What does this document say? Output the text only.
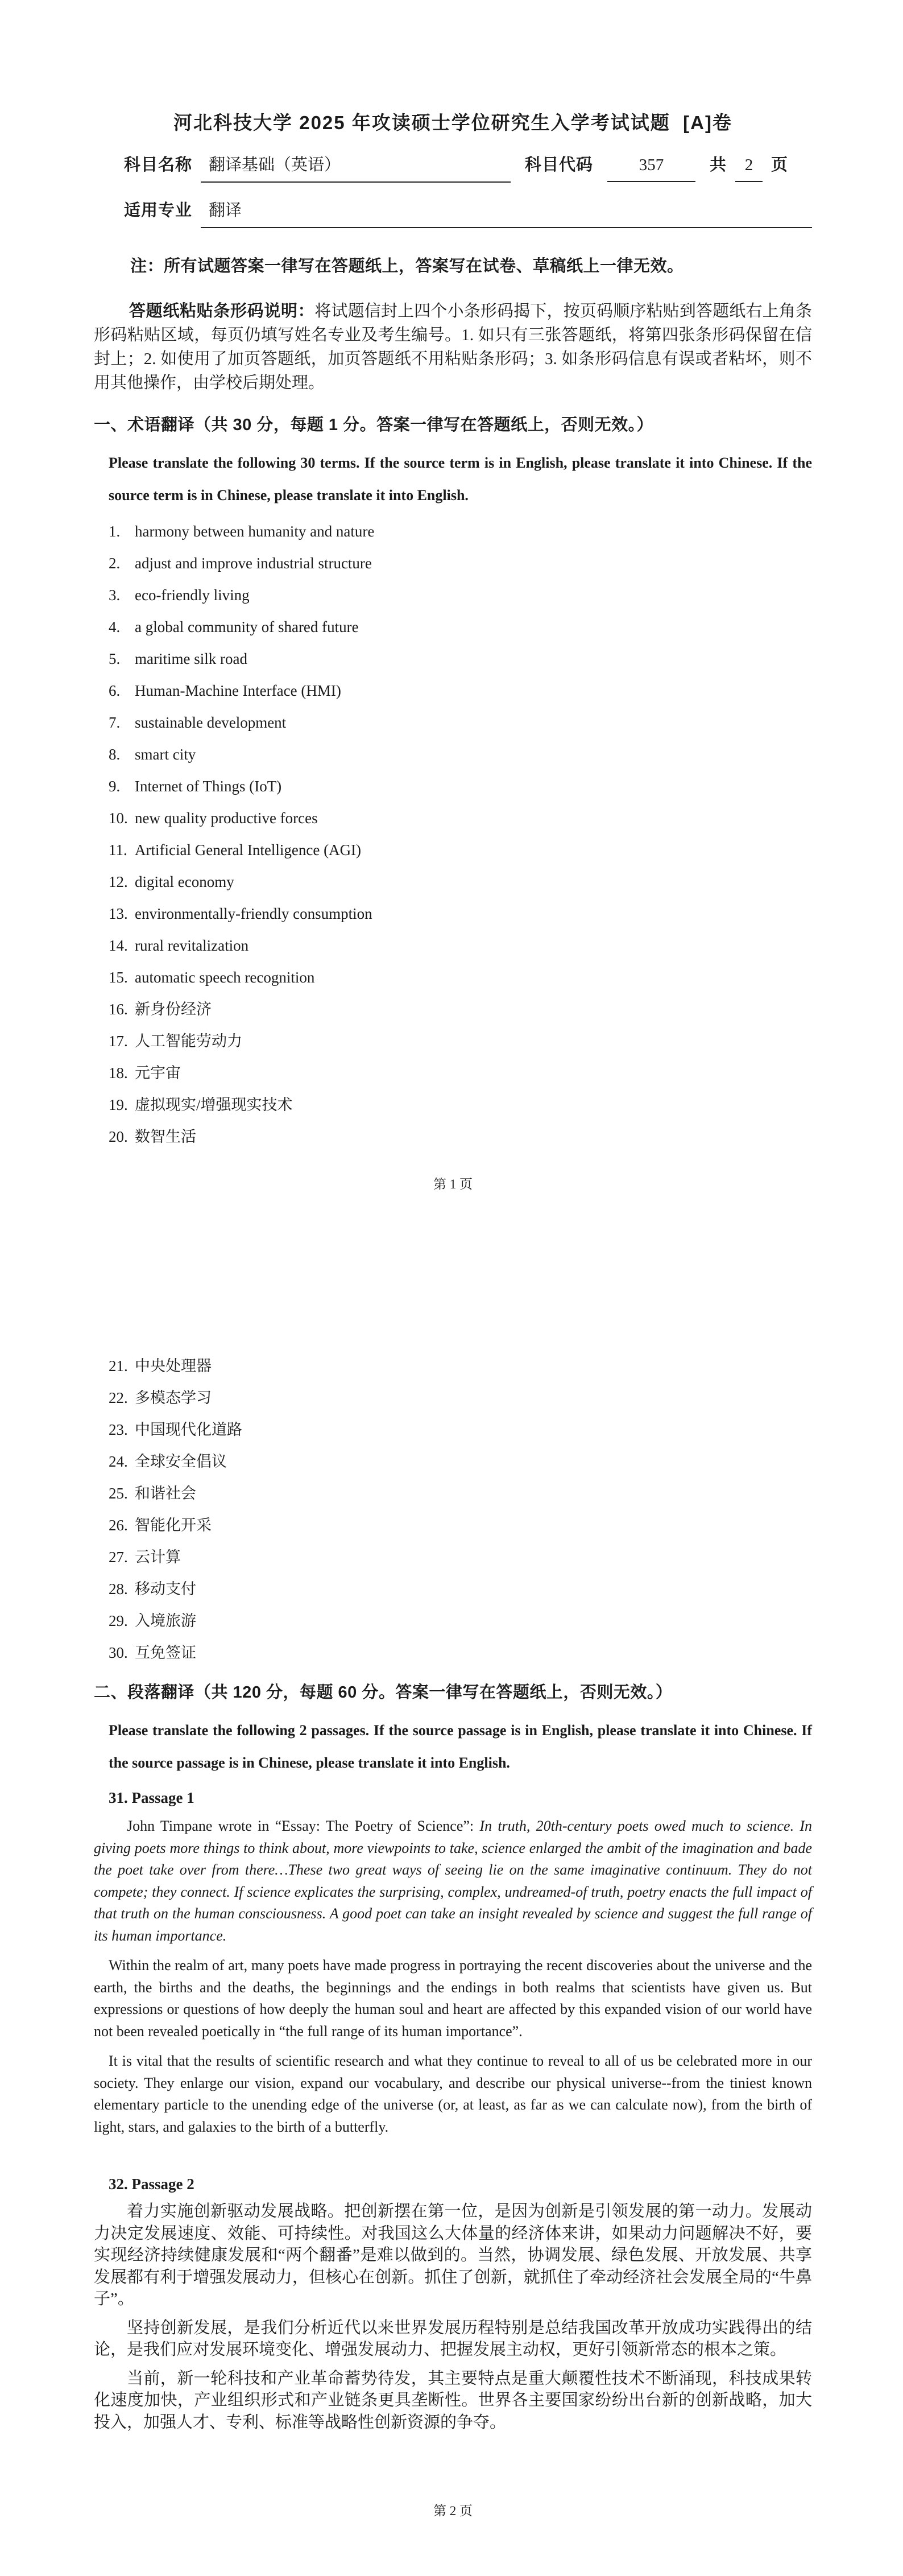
河北科技大学 2025 年攻读硕士学位研究生入学考试试题  [A]卷
科目名称	翻译基础（英语）	科目代码	357	共	2	页
适用专业	翻译

注：所有试题答案一律写在答题纸上，答案写在试卷、草稿纸上一律无效。

答题纸粘贴条形码说明：将试题信封上四个小条形码揭下，按页码顺序粘贴到答题纸右上角条形码粘贴区域，每页仍填写姓名专业及考生编号。1. 如只有三张答题纸，将第四张条形码保留在信封上；2. 如使用了加页答题纸，加页答题纸不用粘贴条形码；3. 如条形码信息有误或者粘坏，则不用其他操作，由学校后期处理。

一、术语翻译（共 30 分，每题 1 分。答案一律写在答题纸上，否则无效。）

Please translate the following 30 terms. If the source term is in English, please translate it into Chinese. If the source term is in Chinese, please translate it into English.

1. harmony between humanity and nature
2. adjust and improve industrial structure
3. eco-friendly living
4. a global community of shared future
5. maritime silk road
6. Human-Machine Interface (HMI)
7. sustainable development
8. smart city
9. Internet of Things (IoT)
10. new quality productive forces
11. Artificial General Intelligence (AGI)
12. digital economy
13. environmentally-friendly consumption
14. rural revitalization
15. automatic speech recognition
16. 新身份经济
17. 人工智能劳动力
18. 元宇宙
19. 虚拟现实/增强现实技术
20. 数智生活
第 1 页
21. 中央处理器
22. 多模态学习
23. 中国现代化道路
24. 全球安全倡议
25. 和谐社会
26. 智能化开采
27. 云计算
28. 移动支付
29. 入境旅游
30. 互免签证
二、段落翻译（共 120 分，每题 60 分。答案一律写在答题纸上，否则无效。）

Please translate the following 2 passages. If the source passage is in English, please translate it into Chinese. If the source passage is in Chinese, please translate it into English.

31. Passage 1

John Timpane wrote in “Essay: The Poetry of Science”: In truth, 20th-century poets owed much to science. In giving poets more things to think about, more viewpoints to take, science enlarged the ambit of the imagination and bade the poet take over from there…These two great ways of seeing lie on the same imaginative continuum. They do not compete; they connect. If science explicates the surprising, complex, undreamed-of truth, poetry enacts the full impact of that truth on the human consciousness. A good poet can take an insight revealed by science and suggest the full range of its human importance.

Within the realm of art, many poets have made progress in portraying the recent discoveries about the universe and the earth, the births and the deaths, the beginnings and the endings in both realms that scientists have given us. But expressions or questions of how deeply the human soul and heart are affected by this expanded vision of our world have not been revealed poetically in “the full range of its human importance”.

It is vital that the results of scientific research and what they continue to reveal to all of us be celebrated more in our society. They enlarge our vision, expand our vocabulary, and describe our physical universe--from the tiniest known elementary particle to the unending edge of the universe (or, at least, as far as we can calculate now), from the birth of light, stars, and galaxies to the birth of a butterfly.

32. Passage 2

着力实施创新驱动发展战略。把创新摆在第一位，是因为创新是引领发展的第一动力。发展动力决定发展速度、效能、可持续性。对我国这么大体量的经济体来讲，如果动力问题解决不好，要实现经济持续健康发展和“两个翻番”是难以做到的。当然，协调发展、绿色发展、开放发展、共享发展都有利于增强发展动力，但核心在创新。抓住了创新，就抓住了牵动经济社会发展全局的“牛鼻子”。

坚持创新发展，是我们分析近代以来世界发展历程特别是总结我国改革开放成功实践得出的结论，是我们应对发展环境变化、增强发展动力、把握发展主动权，更好引领新常态的根本之策。

当前，新一轮科技和产业革命蓄势待发，其主要特点是重大颠覆性技术不断涌现，科技成果转化速度加快，产业组织形式和产业链条更具垄断性。世界各主要国家纷纷出台新的创新战略，加大投入，加强人才、专利、标准等战略性创新资源的争夺。

第 2 页
